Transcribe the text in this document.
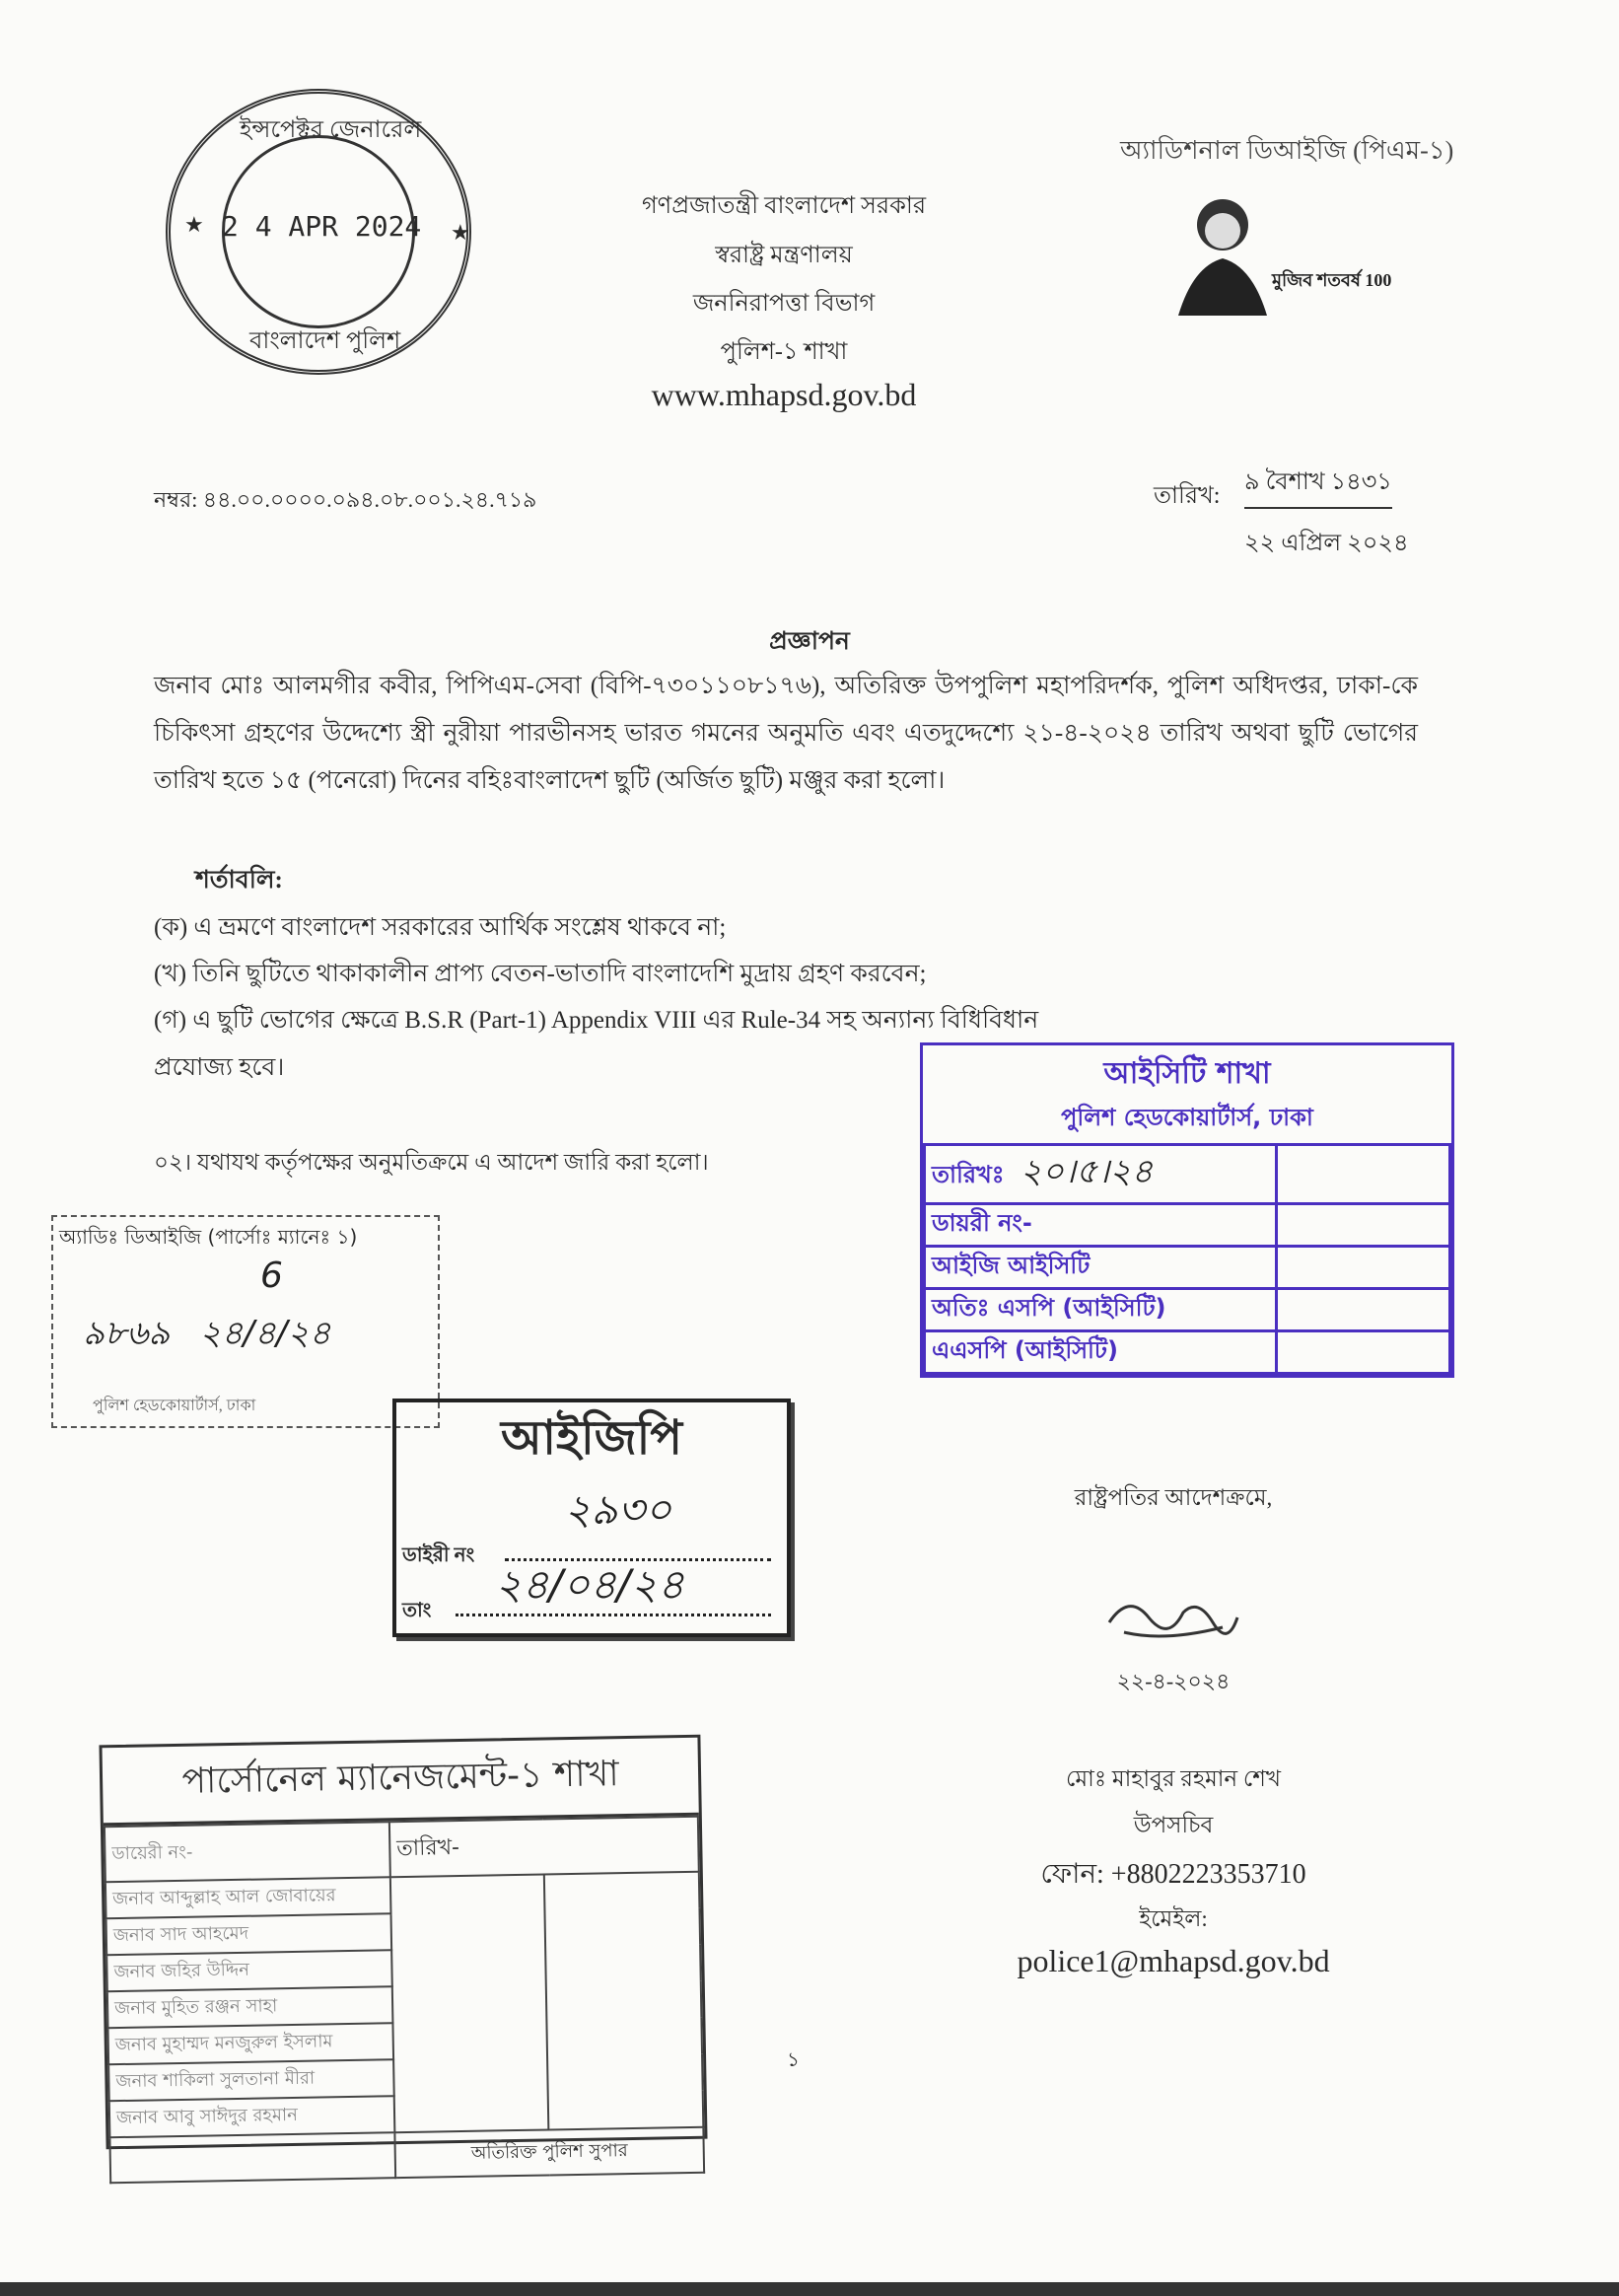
ইন্সপেক্টর জেনারেল
2 4 APR 2024
★	★
বাংলাদেশ পুলিশ
অ্যাডিশনাল ডিআইজি (পিএম-১)
মুজিব শতবর্ষ 100
গণপ্রজাতন্ত্রী বাংলাদেশ সরকার
স্বরাষ্ট্র মন্ত্রণালয়
জননিরাপত্তা বিভাগ
পুলিশ-১ শাখা
www.mhapsd.gov.bd
নম্বর: ৪৪.০০.০০০০.০৯৪.০৮.০০১.২৪.৭১৯	তারিখ:
৯ বৈশাখ ১৪৩১
২২ এপ্রিল ২০২৪
প্রজ্ঞাপন
জনাব মোঃ আলমগীর কবীর, পিপিএম-সেবা (বিপি-৭৩০১১০৮১৭৬), অতিরিক্ত উপপুলিশ মহাপরিদর্শক, পুলিশ অধিদপ্তর, ঢাকা-কে চিকিৎসা গ্রহণের উদ্দেশ্যে স্ত্রী নুরীয়া পারভীনসহ ভারত গমনের অনুমতি এবং এতদুদ্দেশ্যে ২১-৪-২০২৪ তারিখ অথবা ছুটি ভোগের তারিখ হতে ১৫ (পনেরো) দিনের বহিঃবাংলাদেশ ছুটি (অর্জিত ছুটি) মঞ্জুর করা হলো।
শর্তাবলি:
(ক) এ ভ্রমণে বাংলাদেশ সরকারের আর্থিক সংশ্লেষ থাকবে না;
(খ) তিনি ছুটিতে থাকাকালীন প্রাপ্য বেতন-ভাতাদি বাংলাদেশি মুদ্রায় গ্রহণ করবেন;
(গ) এ ছুটি ভোগের ক্ষেত্রে B.S.R (Part-1) Appendix VIII এর Rule-34 সহ অন্যান্য বিধিবিধান
প্রযোজ্য হবে।
০২। যথাযথ কর্তৃপক্ষের অনুমতিক্রমে এ আদেশ জারি করা হলো।
আইসিটি শাখা
পুলিশ হেডকোয়ার্টার্স, ঢাকা
তারিখঃ ২০।৫।২৪	
ডায়রী নং-	
আইজি আইসিটি	
অতিঃ এসপি (আইসিটি)	
এএসপি (আইসিটি)	
অ্যাডিঃ ডিআইজি (পার্সোঃ ম্যানেঃ ১)
6
৯৮৬৯ ২৪/৪/২৪
পুলিশ হেডকোয়ার্টার্স, ঢাকা
আইজিপি
ডাইরী নং
২৯৩০
তাং
২৪/০৪/২৪
রাষ্ট্রপতির আদেশক্রমে,
২২-৪-২০২৪
মোঃ মাহাবুর রহমান শেখ
উপসচিব
ফোন: +8802223353710
ইমেইল:
police1@mhapsd.gov.bd
পার্সোনেল ম্যানেজমেন্ট-১ শাখা
ডায়েরী নং-	তারিখ-	
জনাব আব্দুল্লাহ আল জোবায়ের		
জনাব সাদ আহমেদ		
জনাব জহির উদ্দিন		
জনাব মুহিত রঞ্জন সাহা		
জনাব মুহাম্মদ মনজুরুল ইসলাম		
জনাব শাকিলা সুলতানা মীরা		
জনাব আবু সাঈদুর রহমান		
	অতিরিক্ত পুলিশ সুপার	
১
